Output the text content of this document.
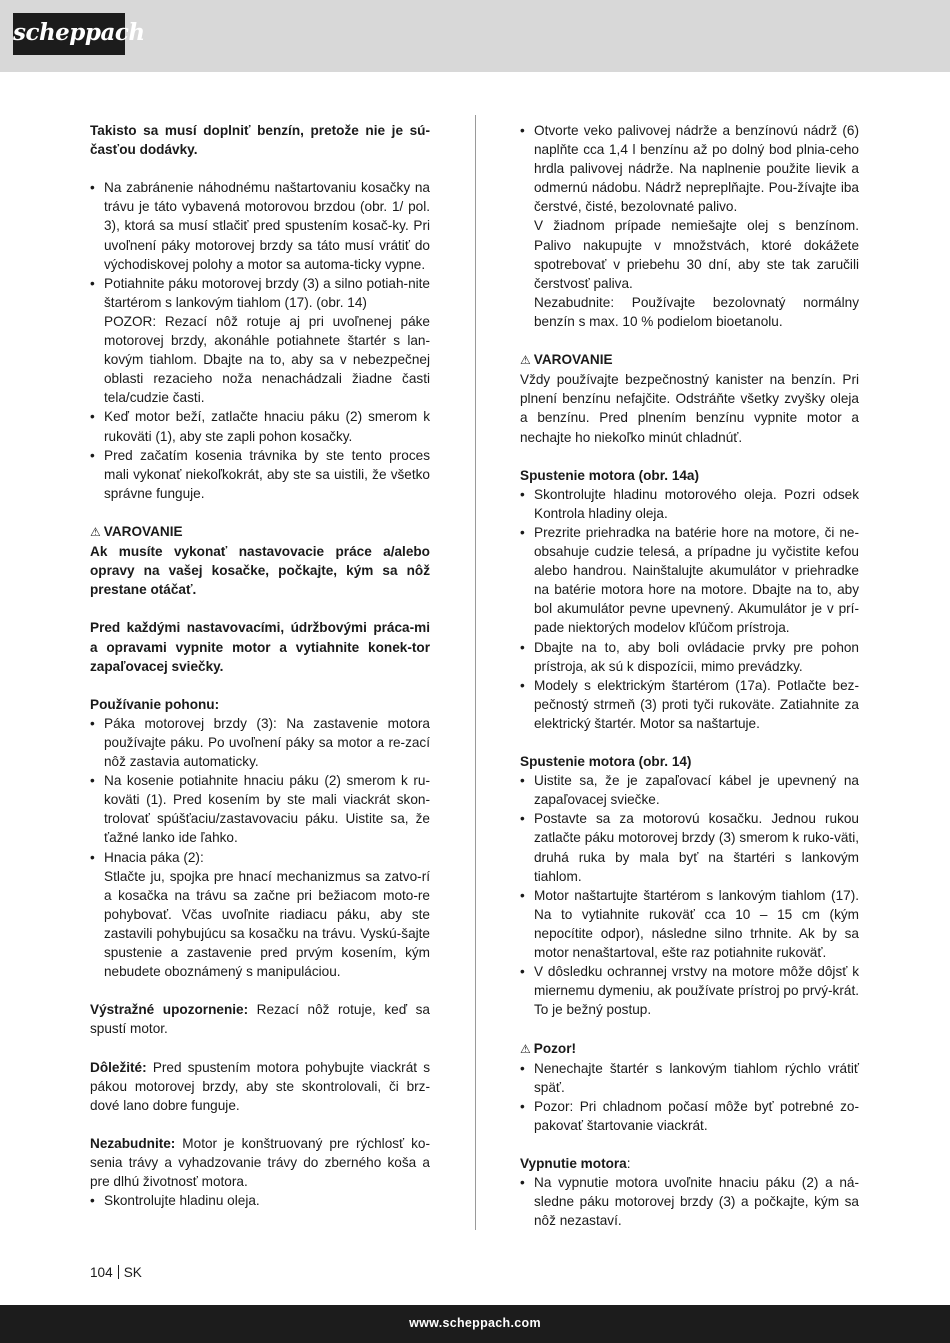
scheppach

Takisto sa musí doplniť benzín, pretože nie je sú-časťou dodávky.

• Na zabránenie náhodnému naštartovaniu kosačky na trávu je táto vybavená motorovou brzdou (obr. 1/ pol. 3), ktorá sa musí stlačiť pred spustením kosač-ky. Pri uvoľnení páky motorovej brzdy sa táto musí vrátiť do východiskovej polohy a motor sa automa-ticky vypne.
• Potiahnite páku motorovej brzdy (3) a silno potiah-nite štartérom s lankovým tiahlom (17). (obr. 14)

POZOR: Rezací nôž rotuje aj pri uvoľnenej páke motorovej brzdy, akonáhle potiahnete štartér s lan-kovým tiahlom. Dbajte na to, aby sa v nebezpečnej oblasti rezacieho noža nenachádzali žiadne časti tela/cudzie časti.

• Keď motor beží, zatlačte hnaciu páku (2) smerom k rukoväti (1), aby ste zapli pohon kosačky.
• Pred začatím kosenia trávnika by ste tento proces mali vykonať niekoľkokrát, aby ste sa uistili, že všetko správne funguje.

⚠ VAROVANIE

Ak musíte vykonať nastavovacie práce a/alebo opravy na vašej kosačke, počkajte, kým sa nôž prestane otáčať.

Pred každými nastavovacími, údržbovými práca-mi a opravami vypnite motor a vytiahnite konek-tor zapaľovacej sviečky.

Používanie pohonu:

• Páka motorovej brzdy (3): Na zastavenie motora používajte páku. Po uvoľnení páky sa motor a re-zací nôž zastavia automaticky.
• Na kosenie potiahnite hnaciu páku (2) smerom k ru-koväti (1). Pred kosením by ste mali viackrát skon-trolovať spúšťaciu/zastavovaciu páku. Uistite sa, že ťažné lanko ide ľahko.
• Hnacia páka (2):

Stlačte ju, spojka pre hnací mechanizmus sa zatvo-rí a kosačka na trávu sa začne pri bežiacom moto-re pohybovať. Včas uvoľnite riadiacu páku, aby ste zastavili pohybujúcu sa kosačku na trávu. Vyskú-šajte spustenie a zastavenie pred prvým kosením, kým nebudete oboznámený s manipuláciou.

Výstražné upozornenie: Rezací nôž rotuje, keď sa spustí motor.

Dôležité: Pred spustením motora pohybujte viackrát s pákou motorovej brzdy, aby ste skontrolovali, či brz-dové lano dobre funguje.

Nezabudnite: Motor je konštruovaný pre rýchlosť ko-senia trávy a vyhadzovanie trávy do zberného koša a pre dlhú životnosť motora.

• Skontrolujte hladinu oleja.
• Otvorte veko palivovej nádrže a benzínovú nádrž (6) naplňte cca 1,4 l benzínu až po dolný bod plnia-ceho hrdla palivovej nádrže. Na naplnenie použite lievik a odmernú nádobu. Nádrž nepreplňajte. Pou-žívajte iba čerstvé, čisté, bezolovnaté palivo.

V žiadnom prípade nemiešajte olej s benzínom. Palivo nakupujte v množstvách, ktoré dokážete spotrebovať v priebehu 30 dní, aby ste tak zaručili čerstvosť paliva.

Nezabudnite: Používajte bezolovnatý normálny benzín s max. 10 % podielom bioetanolu.

⚠ VAROVANIE

Vždy používajte bezpečnostný kanister na benzín. Pri plnení benzínu nefajčite. Odstráňte všetky zvyšky oleja a benzínu. Pred plnením benzínu vypnite motor a nechajte ho niekoľko minút chladnúť.

Spustenie motora (obr. 14a)

• Skontrolujte hladinu motorového oleja. Pozri odsek Kontrola hladiny oleja.
• Prezrite priehradka na batérie hore na motore, či ne-obsahuje cudzie telesá, a prípadne ju vyčistite kefou alebo handrou. Nainštalujte akumulátor v priehradke na batérie motora hore na motore. Dbajte na to, aby bol akumulátor pevne upevnený. Akumulátor je v prí-pade niektorých modelov kľúčom prístroja.
• Dbajte na to, aby boli ovládacie prvky pre pohon prístroja, ak sú k dispozícii, mimo prevádzky.
• Modely s elektrickým štartérom (17a). Potlačte bez-pečnostý strmeň (3) proti tyči rukoväte. Zatiahnite za elektrický štartér. Motor sa naštartuje.

Spustenie motora (obr. 14)

• Uistite sa, že je zapaľovací kábel je upevnený na zapaľovacej sviečke.
• Postavte sa za motorovú kosačku. Jednou rukou zatlačte páku motorovej brzdy (3) smerom k ruko-väti, druhá ruka by mala byť na štartéri s lankovým tiahlom.
• Motor naštartujte štartérom s lankovým tiahlom (17). Na to vytiahnite rukoväť cca 10 – 15 cm (kým nepocítite odpor), následne silno trhnite. Ak by sa motor nenaštartoval, ešte raz potiahnite rukoväť.
• V dôsledku ochrannej vrstvy na motore môže dôjsť k miernemu dymeniu, ak používate prístroj po prvý-krát. To je bežný postup.

⚠ Pozor!

• Nenechajte štartér s lankovým tiahlom rýchlo vrátiť späť.
• Pozor: Pri chladnom počasí môže byť potrebné zo-pakovať štartovanie viackrát.

Vypnutie motora:

• Na vypnutie motora uvoľnite hnaciu páku (2) a ná-sledne páku motorovej brzdy (3) a počkajte, kým sa nôž nezastaví.
104 SK
www.scheppach.com
